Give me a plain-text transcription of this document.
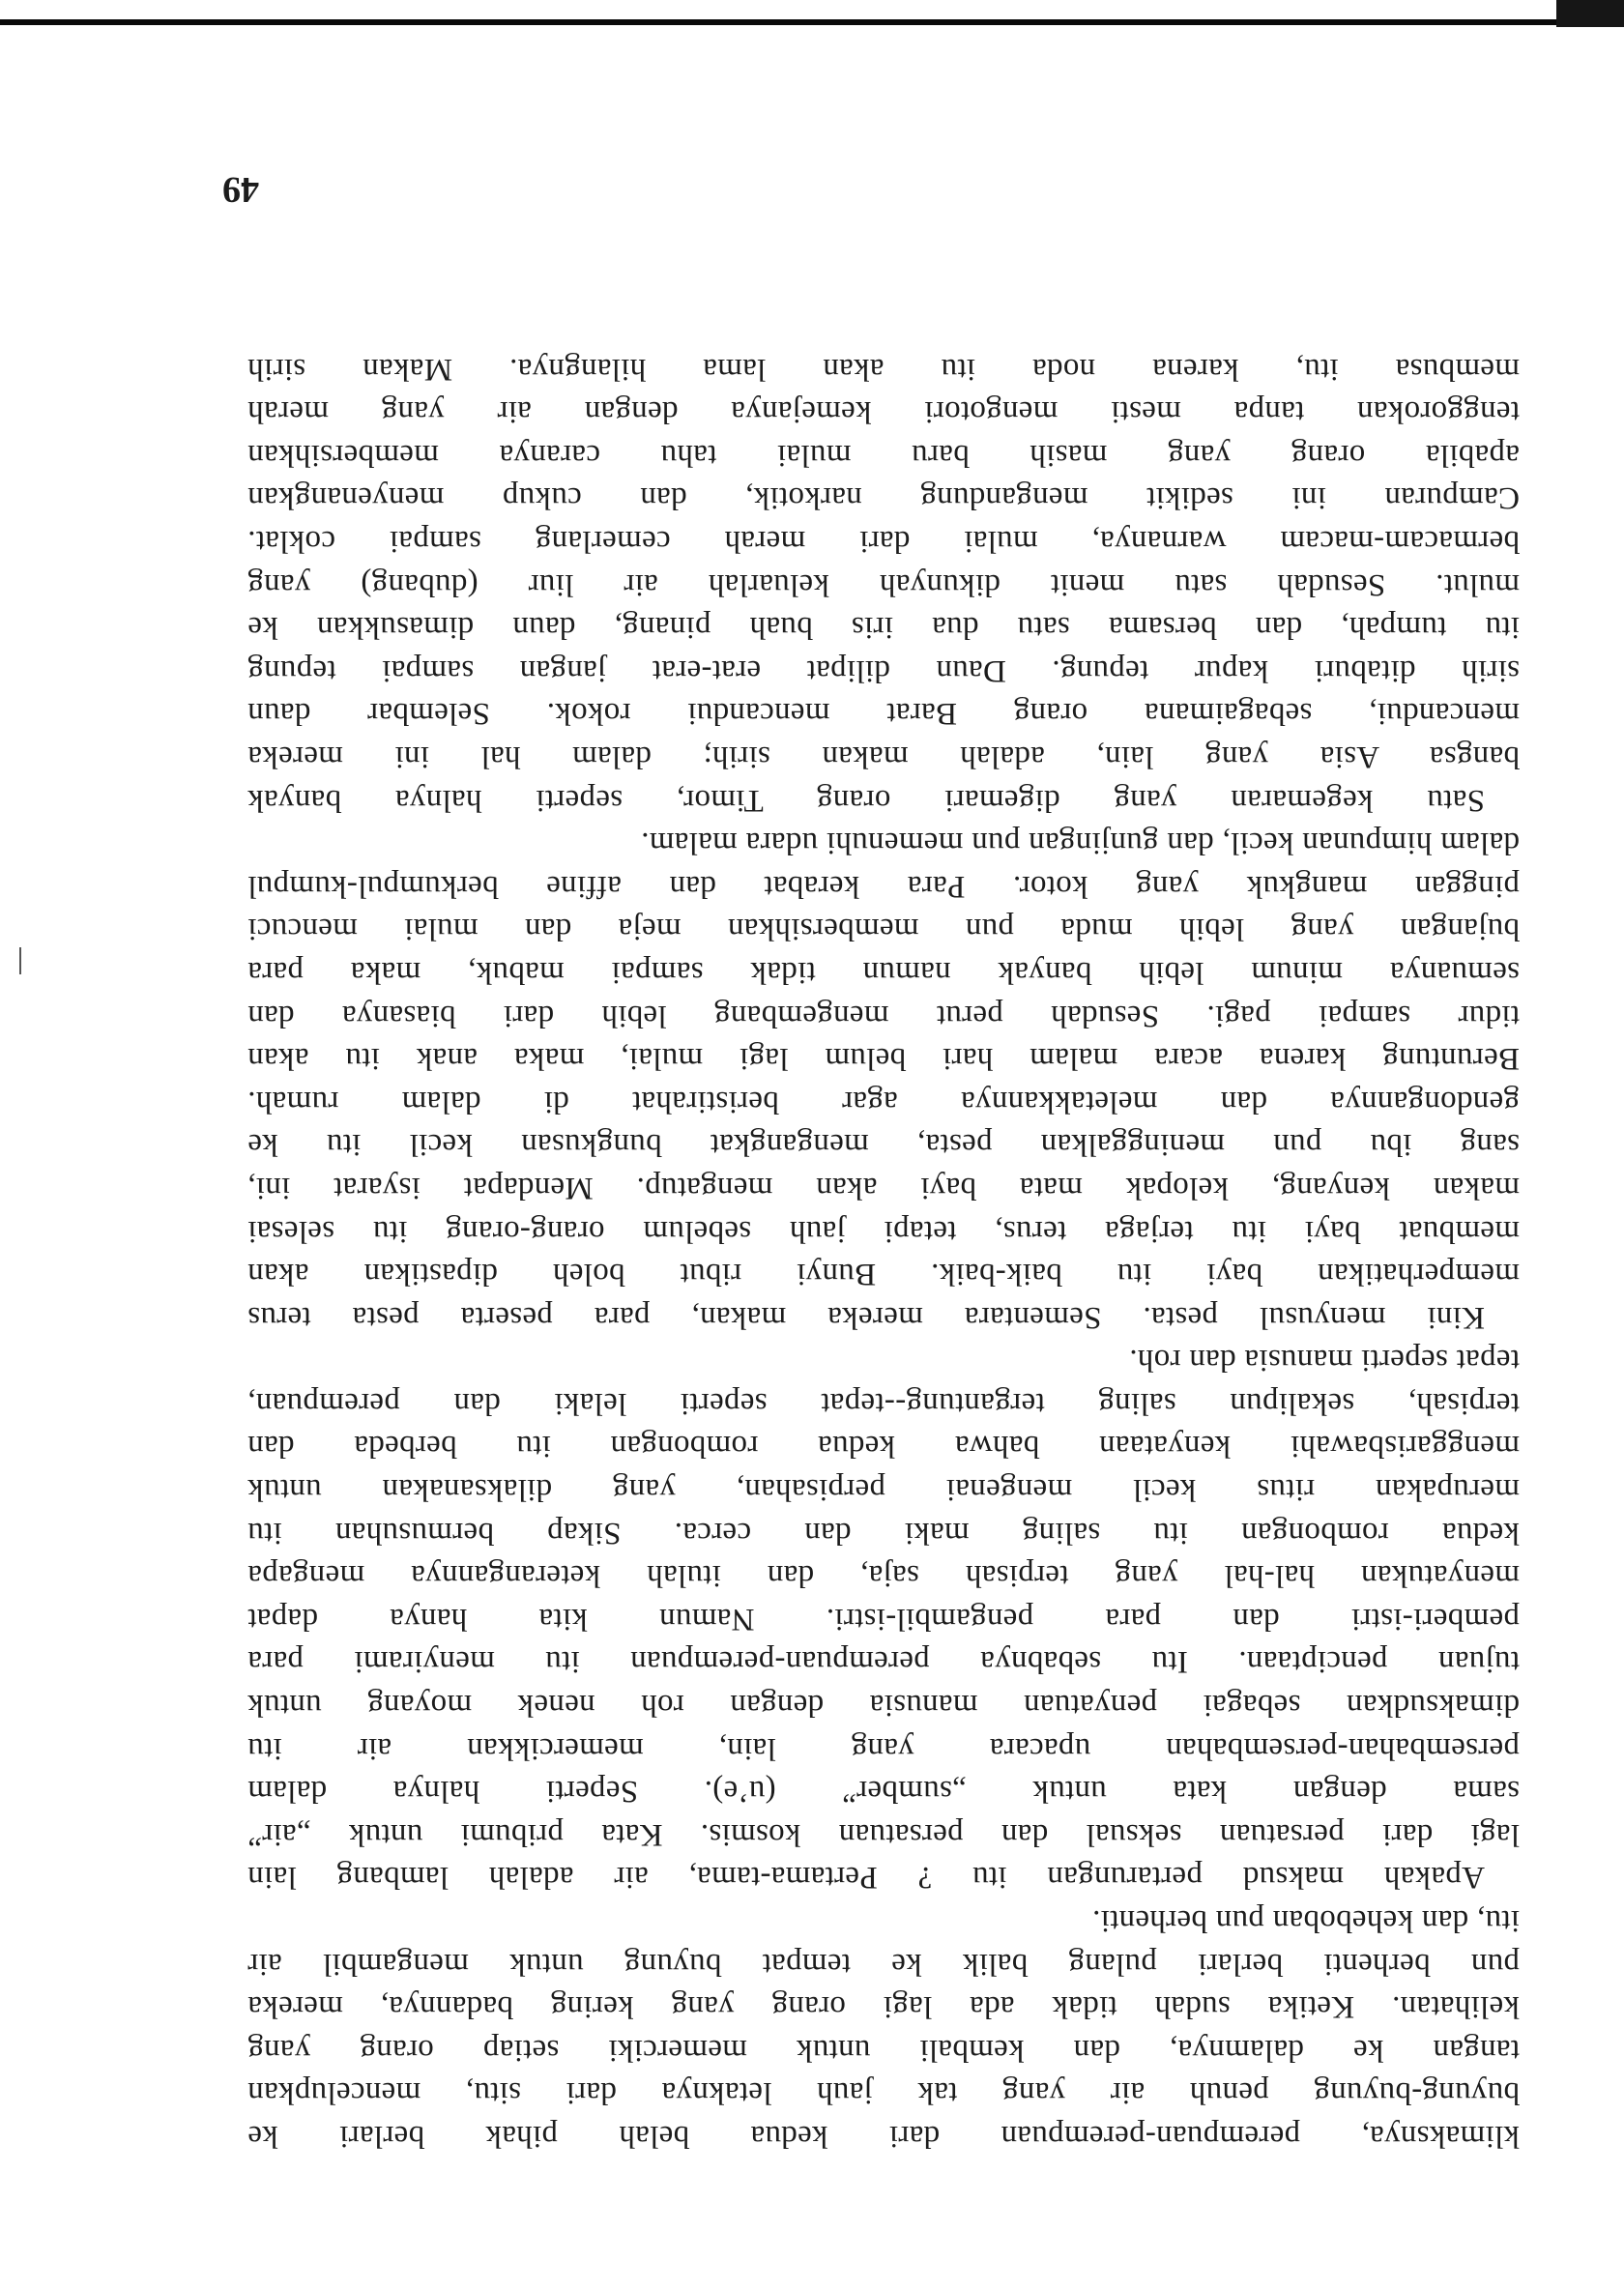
klimaksnya, perempuan-perempuan dari kedua belah pihak berlari ke
buyung-buyung penuh air yang tak jauh letaknya dari situ, mencelupkan
tangan ke dalamnya, dan kembali untuk memerciki setiap orang yang
kelihatan. Ketika sudah tidak ada lagi orang yang kering badannya, mereka
pun berhenti berlari pulang balik ke tempat buyung untuk mengambil air
itu, dan keheboban pun berhenti.
Apakah maksud pertarungan itu ? Pertama-tama, air adalah lambang lain
lagi dari persatuan seksual dan persatuan kosmis. Kata pribumi untuk „air”
sama dengan kata untuk „sumber” (u’e). Seperti halnya dalam
persembahan-persembahan upacara yang lain, memercikkan air itu
dimaksudkan sebagai penyatuan manusia dengan roh nenek moyang untuk
tujuan penciptaan. Itu sebabnya perempuan-perempuan itu menyirami para
pemberi-istri dan para pengambil-istri. Namun kita hanya dapat
menyatukan hal-hal yang terpisah saja, dan itulah keterangannya mengapa
kedua rombongan itu saling maki dan cerca. Sikap bermusuhan itu
merupakan ritus kecil mengenai perpisahan, yang dilaksanakan untuk
menggarisbawahi kenyataan bahwa kedua rombongan itu berbeda dan
terpisah, sekalipun saling tergantung--tepat seperti lelaki dan perempuan,
tepat seperti manusia dan roh.
Kini menyusul pesta. Sementara mereka makan, para peserta pesta terus
memperhatikan bayi itu baik-baik. Bunyi ribut boleh dipastikan akan
membuat bayi itu terjaga terus, tetapi jauh sebelum orang-orang itu selesai
makan kenyang, kelopak mata bayi akan mengatup. Mendapat isyarat ini,
sang ibu pun meninggalkan pesta, mengangkat bungkusan kecil itu ke
gendongannya dan meletakkannya agar beristirahat di dalam rumah.
Beruntung karena acara malam hari belum lagi mulai, maka anak itu akan
tidur sampai pagi. Sesudah perut mengembang lebih dari biasanya dan
semuanya minum lebih banyak namun tidak sampai mabuk, maka para
bujangan yang lebih muda pun membersihkan meja dan mulai mencuci
pinggan mangkuk yang kotor. Para kerabat dan affine berkumpul-kumpul
dalam himpunan kecil, dan gunjingan pun memenuhi udara malam.
Satu kegemaran yang digemari orang Timor, seperti halnya banyak
bangsa Asia yang lain, adalah makan sirih; dalam hal ini mereka
mencandui, sebagaimana orang Barat mencandui rokok. Selembar daun
sirih ditaburi kapur tepung. Daun dilipat erat-erat jangan sampai tepung
itu tumpah, dan bersama satu dua iris buah pinang, daun dimasukkan ke
mulut. Sesudah satu menit dikunyah keluarlah air liur (dubang) yang
bermacam-macam warnanya, mulai dari merah cemerlang sampai coklat.
Campuran ini sedikit mengandung narkotik, dan cukup menyenangkan
apabila orang yang masih baru mulai tahu caranya membersihkan
tenggorokan tanpa mesti mengotori kemejanya dengan air yang merah
membusa itu, karena noda itu akan lama hilangnya. Makan sirih
49
